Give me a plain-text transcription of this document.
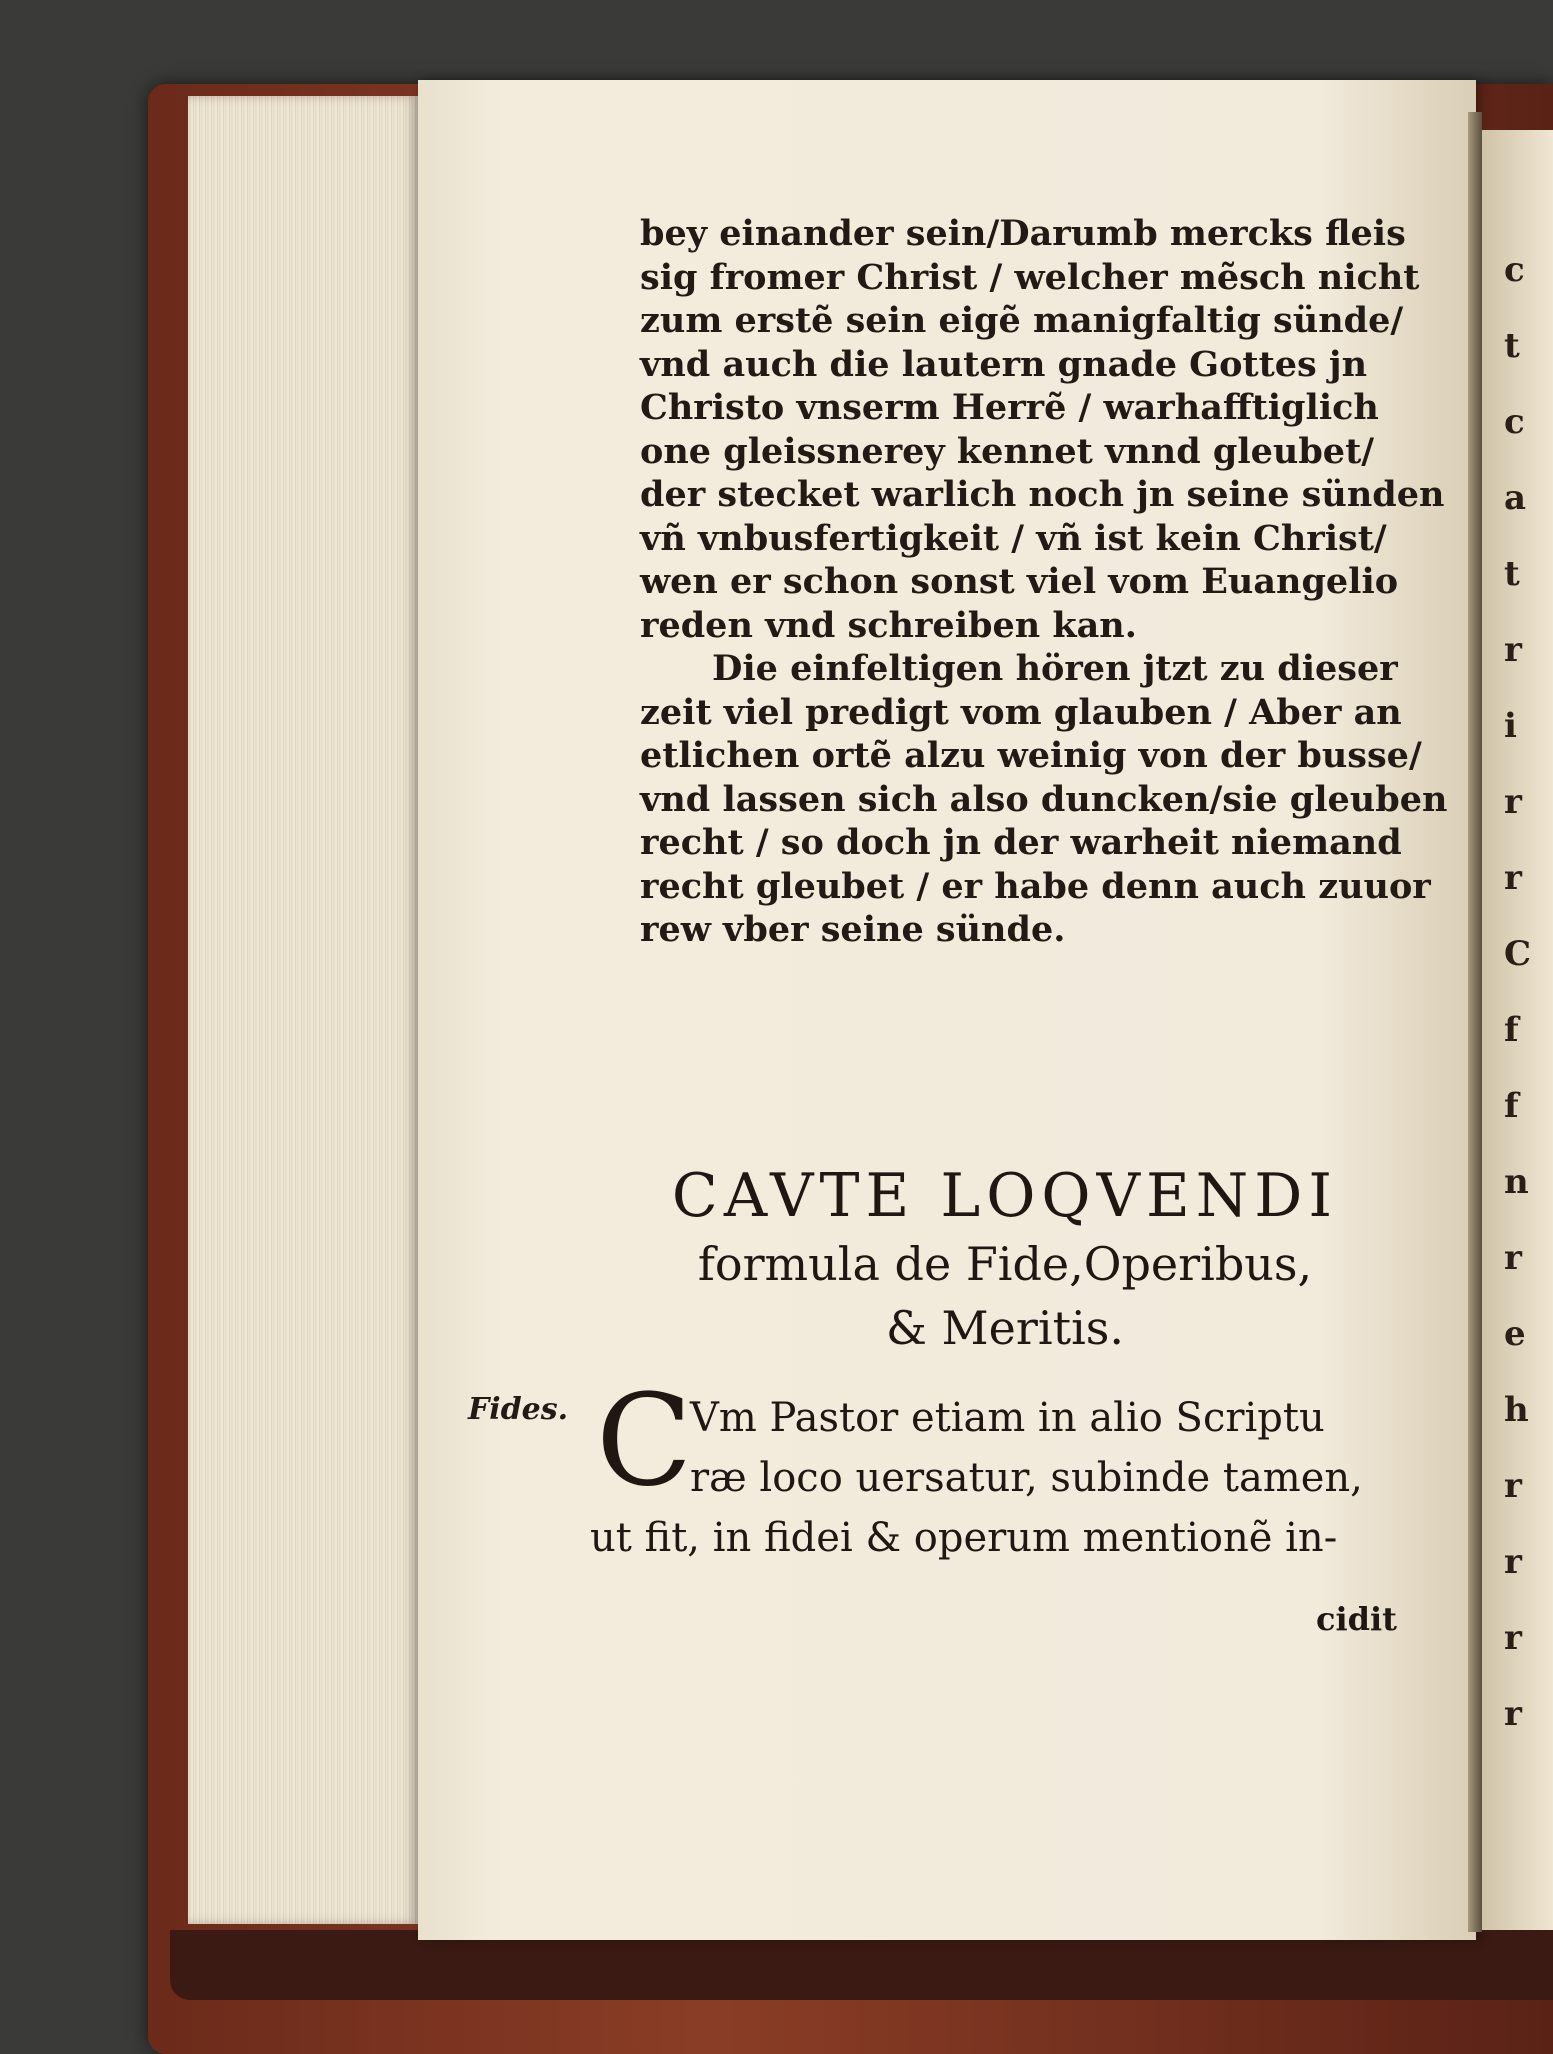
c
t
c
a
t
r
i
r
r
C
f
f
n
r
e
h
r
r
r
r

bey einander sein/Darumb mercks fleis
sig fromer Christ / welcher mẽsch nicht
zum erstẽ sein eigẽ manigfaltig sünde/
vnd auch die lautern gnade Gottes jn
Christo vnserm Herrẽ / warhafftiglich
one gleissnerey kennet vnnd gleubet/
der stecket warlich noch jn seine sünden
vñ vnbusfertigkeit / vñ ist kein Christ/
wen er schon sonst viel vom Euangelio
reden vnd schreiben kan.

Die einfeltigen hören jtzt zu dieser
zeit viel predigt vom glauben / Aber an
etlichen ortẽ alzu weinig von der busse/
vnd lassen sich also duncken/sie gleuben
recht / so doch jn der warheit niemand
recht gleubet / er habe denn auch zuuor
rew vber seine sünde.

CAVTE LOQVENDI
formula de Fide,Operibus,
& Meritis.
Fides. C
Vm Pastor etiam in alio Scriptu
ræ loco uersatur, subinde tamen,
ut fit, in fidei & operum mentionẽ in-
cidit
